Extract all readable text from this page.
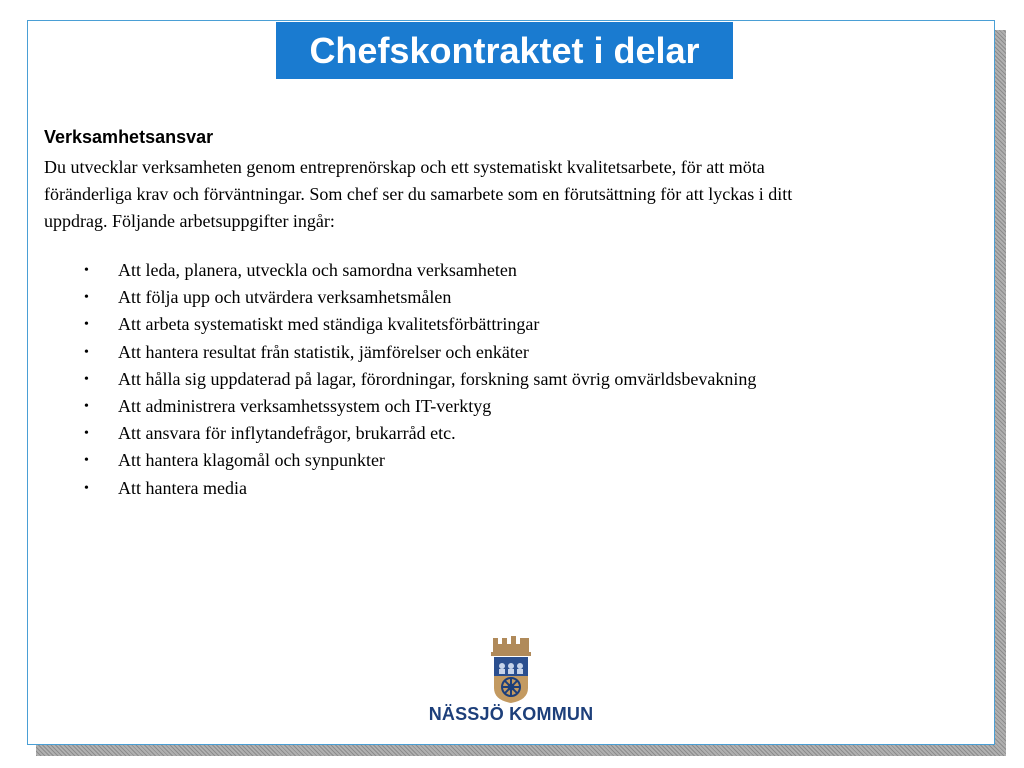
Chefskontraktet i delar
Verksamhetsansvar
Du utvecklar verksamheten genom entreprenörskap och ett systematiskt kvalitetsarbete, för att möta
föränderliga krav och förväntningar. Som chef ser du samarbete som en förutsättning för att lyckas i ditt
uppdrag. Följande arbetsuppgifter ingår:
• Att leda, planera, utveckla och samordna verksamheten
• Att följa upp och utvärdera verksamhetsmålen
• Att arbeta systematiskt med ständiga kvalitetsförbättringar
• Att hantera resultat från statistik, jämförelser och enkäter
• Att hålla sig uppdaterad på lagar, förordningar, forskning samt övrig omvärldsbevakning
• Att administrera verksamhetssystem och IT-verktyg
• Att ansvara för inflytandefrågor, brukarråd etc.
• Att hantera klagomål och synpunkter
• Att hantera media
NÄSSJÖ KOMMUN
